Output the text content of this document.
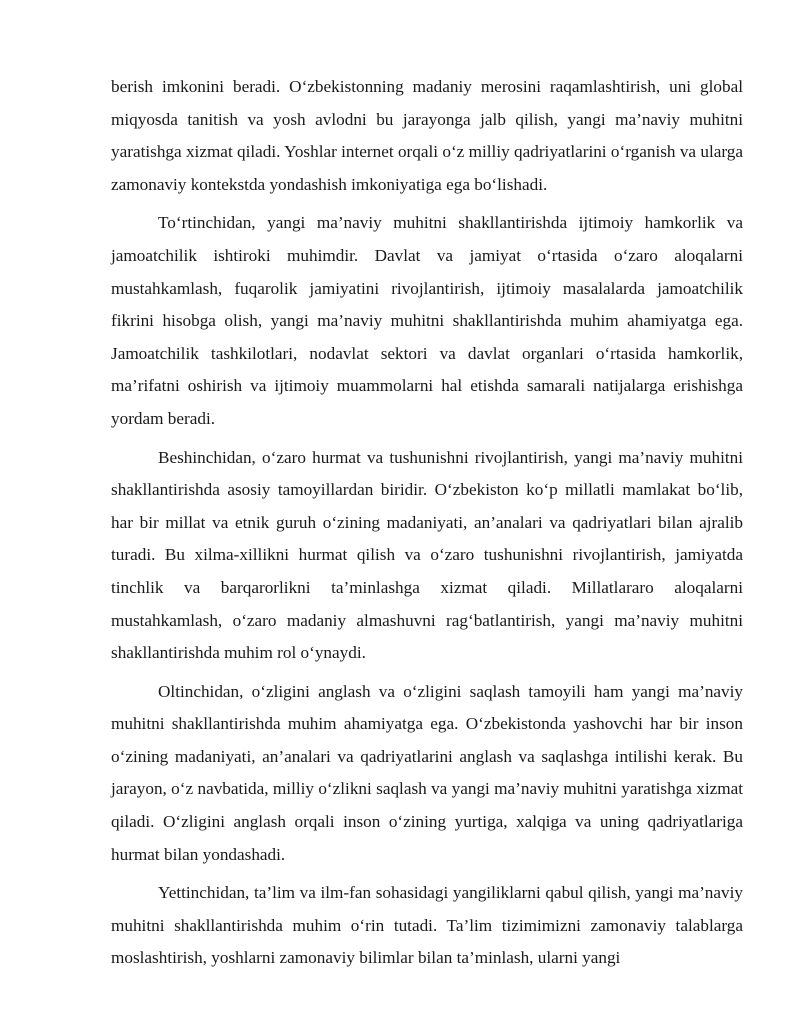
berish imkonini beradi. O‘zbekistonning madaniy merosini raqamlashtirish, uni global miqyosda tanitish va yosh avlodni bu jarayonga jalb qilish, yangi ma’naviy muhitni yaratishga xizmat qiladi. Yoshlar internet orqali o‘z milliy qadriyatlarini o‘rganish va ularga zamonaviy kontekstda yondashish imkoniyatiga ega bo‘lishadi.

To‘rtinchidan, yangi ma’naviy muhitni shakllantirishda ijtimoiy hamkorlik va jamoatchilik ishtiroki muhimdir. Davlat va jamiyat o‘rtasida o‘zaro aloqalarni mustahkamlash, fuqarolik jamiyatini rivojlantirish, ijtimoiy masalalarda jamoatchilik fikrini hisobga olish, yangi ma’naviy muhitni shakllantirishda muhim ahamiyatga ega. Jamoatchilik tashkilotlari, nodavlat sektori va davlat organlari o‘rtasida hamkorlik, ma’rifatni oshirish va ijtimoiy muammolarni hal etishda samarali natijalarga erishishga yordam beradi.

Beshinchidan, o‘zaro hurmat va tushunishni rivojlantirish, yangi ma’naviy muhitni shakllantirishda asosiy tamoyillardan biridir. O‘zbekiston ko‘p millatli mamlakat bo‘lib, har bir millat va etnik guruh o‘zining madaniyati, an’analari va qadriyatlari bilan ajralib turadi. Bu xilma-xillikni hurmat qilish va o‘zaro tushunishni rivojlantirish, jamiyatda tinchlik va barqarorlikni ta’minlashga xizmat qiladi. Millatlararo aloqalarni mustahkamlash, o‘zaro madaniy almashuvni rag‘batlantirish, yangi ma’naviy muhitni shakllantirishda muhim rol o‘ynaydi.

Oltinchidan, o‘zligini anglash va o‘zligini saqlash tamoyili ham yangi ma’naviy muhitni shakllantirishda muhim ahamiyatga ega. O‘zbekistonda yashovchi har bir inson o‘zining madaniyati, an’analari va qadriyatlarini anglash va saqlashga intilishi kerak. Bu jarayon, o‘z navbatida, milliy o‘zlikni saqlash va yangi ma’naviy muhitni yaratishga xizmat qiladi. O‘zligini anglash orqali inson o‘zining yurtiga, xalqiga va uning qadriyatlariga hurmat bilan yondashadi.

Yettinchidan, ta’lim va ilm-fan sohasidagi yangiliklarni qabul qilish, yangi ma’naviy muhitni shakllantirishda muhim o‘rin tutadi. Ta’lim tizimimizni zamonaviy talablarga moslashtirish, yoshlarni zamonaviy bilimlar bilan ta’minlash, ularni yangi
